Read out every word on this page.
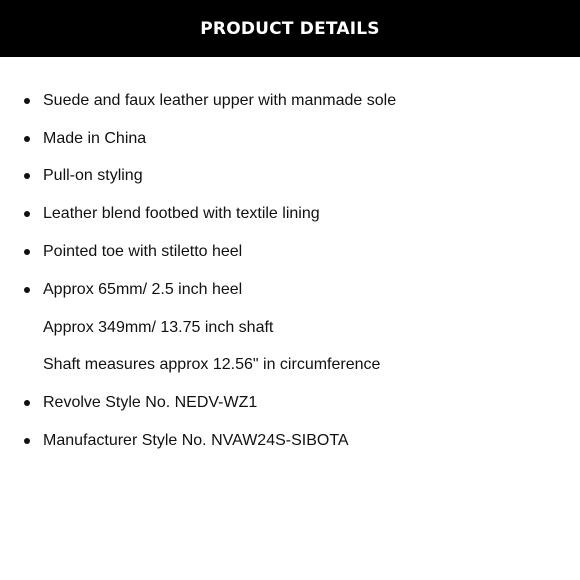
PRODUCT DETAILS
Suede and faux leather upper with manmade sole
Made in China
Pull-on styling
Leather blend footbed with textile lining
Pointed toe with stiletto heel
Approx 65mm/ 2.5 inch heel
Approx 349mm/ 13.75 inch shaft
Shaft measures approx 12.56" in circumference
Revolve Style No. NEDV-WZ1
Manufacturer Style No. NVAW24S-SIBOTA
